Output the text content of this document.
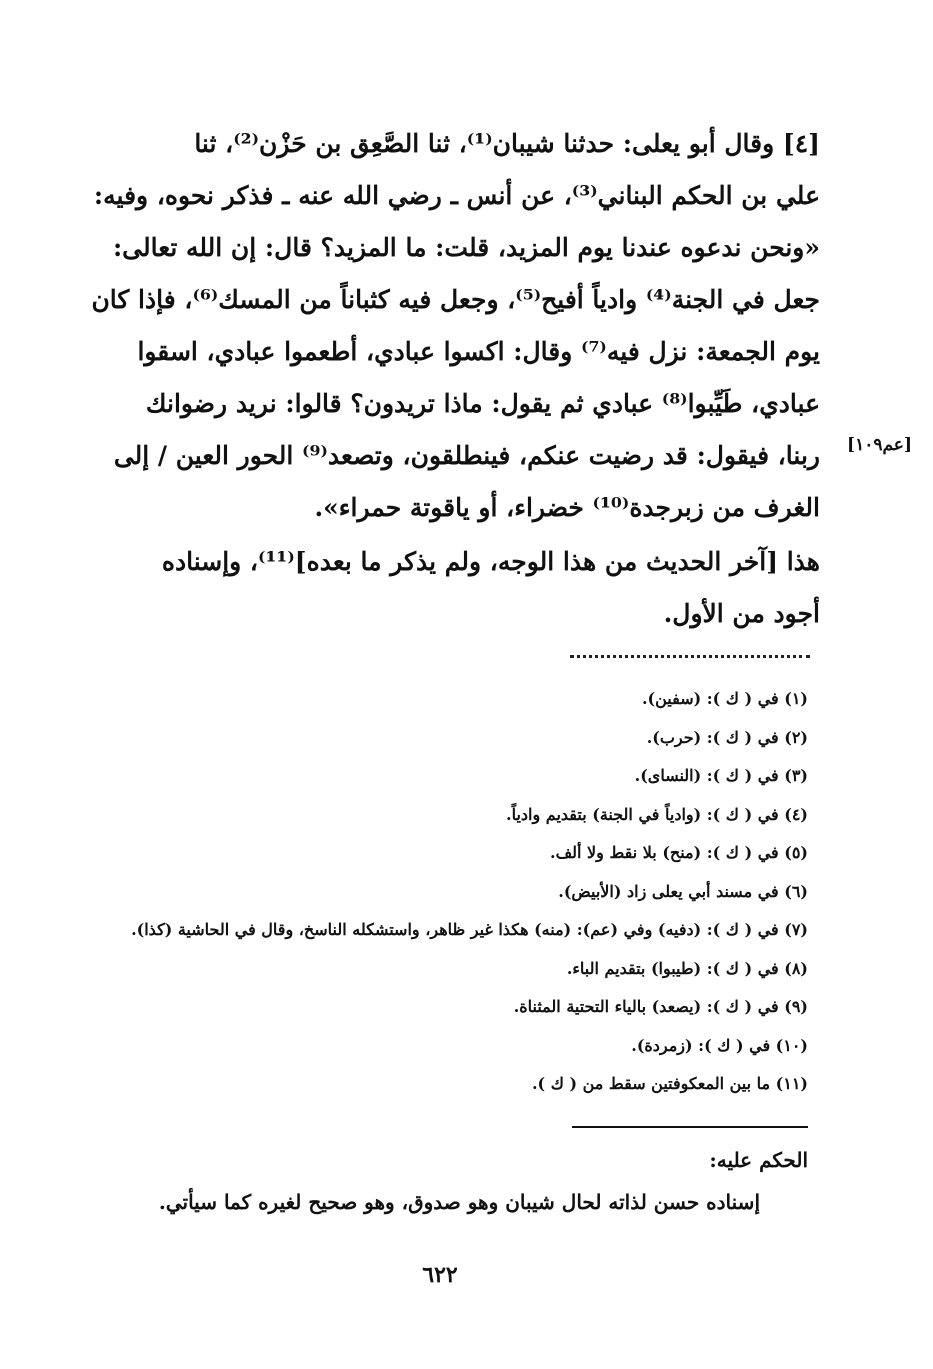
[٤] وقال أبو يعلى: حدثنا شيبان⁽¹⁾، ثنا الصَّعِق بن حَزْن⁽²⁾، ثنا
علي بن الحكم البناني⁽³⁾، عن أنس ـ رضي الله عنه ـ فذكر نحوه، وفيه:
«ونحن ندعوه عندنا يوم المزيد، قلت: ما المزيد؟ قال: إن الله تعالى:
جعل في الجنة⁽⁴⁾ وادياً أفيح⁽⁵⁾، وجعل فيه كثباناً من المسك⁽⁶⁾، فإذا كان
يوم الجمعة: نزل فيه⁽⁷⁾ وقال: اكسوا عبادي، أطعموا عبادي، اسقوا
عبادي، طَيِّبوا⁽⁸⁾ عبادي ثم يقول: ماذا تريدون؟ قالوا: نريد رضوانك
ربنا، فيقول: قد رضيت عنكم، فينطلقون، وتصعد⁽⁹⁾ الحور العين / إلى
الغرف من زبرجدة⁽¹⁰⁾ خضراء، أو ياقوتة حمراء».
[عم١٠٩]
هذا [آخر الحديث من هذا الوجه، ولم يذكر ما بعده]⁽¹¹⁾، وإسناده
أجود من الأول.
(١) في ( ك ): (سفين).
(٢) في ( ك ): (حرب).
(٣) في ( ك ): (النساى).
(٤) في ( ك ): (وادياً في الجنة) بتقديم وادياً.
(٥) في ( ك ): (منح) بلا نقط ولا ألف.
(٦) في مسند أبي يعلى زاد (الأبيض).
(٧) في ( ك ): (دفيه) وفي (عم): (منه) هكذا غير ظاهر، واستشكله الناسخ، وقال في الحاشية (كذا).
(٨) في ( ك ): (طيبوا) بتقديم الباء.
(٩) في ( ك ): (يصعد) بالياء التحتية المثناة.
(١٠) في ( ك ): (زمردة).
(١١) ما بين المعكوفتين سقط من ( ك ).
الحكم عليه:
إسناده حسن لذاته لحال شيبان وهو صدوق، وهو صحيح لغيره كما سيأتي.
٦٢٢
